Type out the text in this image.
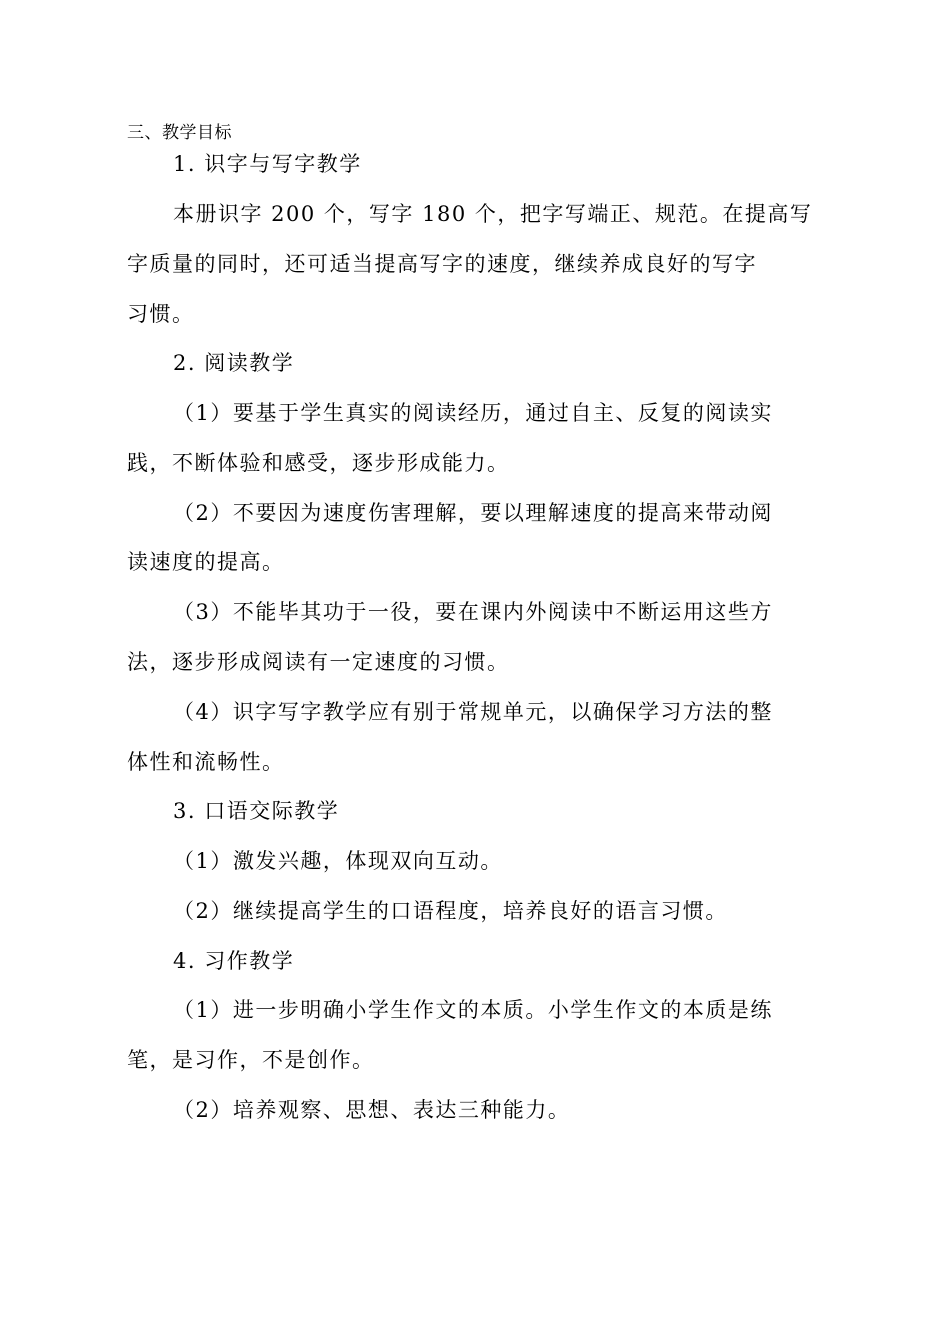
三、教学目标
1. 识字与写字教学
本册识字 200 个，写字 180 个，把字写端正、规范。在提高写
字质量的同时，还可适当提高写字的速度，继续养成良好的写字
习惯。
2. 阅读教学
（1）要基于学生真实的阅读经历，通过自主、反复的阅读实
践，不断体验和感受，逐步形成能力。
（2）不要因为速度伤害理解，要以理解速度的提高来带动阅
读速度的提高。
（3）不能毕其功于一役，要在课内外阅读中不断运用这些方
法，逐步形成阅读有一定速度的习惯。
（4）识字写字教学应有别于常规单元，以确保学习方法的整
体性和流畅性。
3. 口语交际教学
（1）激发兴趣，体现双向互动。
（2）继续提高学生的口语程度，培养良好的语言习惯。
4. 习作教学
（1）进一步明确小学生作文的本质。小学生作文的本质是练
笔，是习作，不是创作。
（2）培养观察、思想、表达三种能力。
